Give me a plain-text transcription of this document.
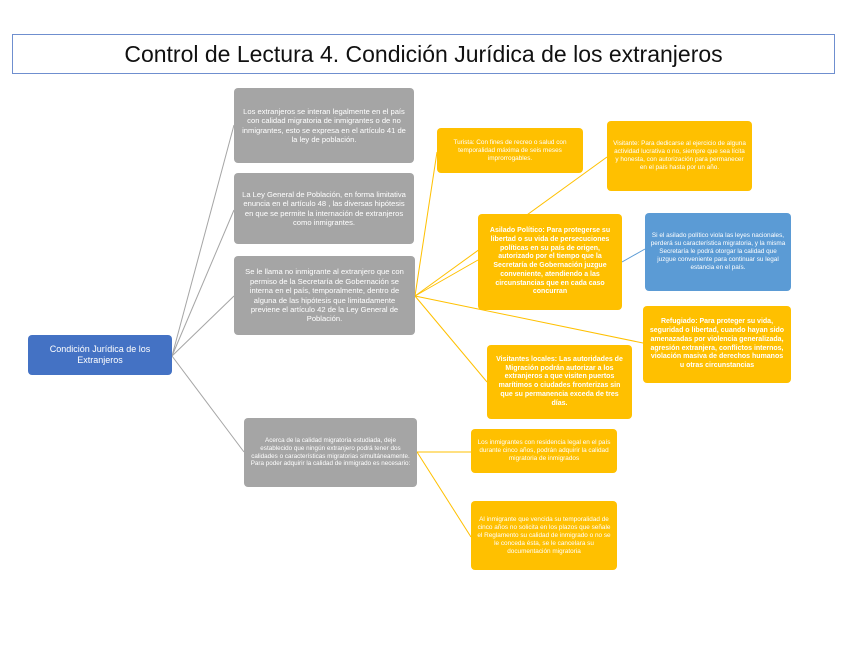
Control de Lectura 4. Condición Jurídica de los extranjeros
Condición Jurídica de los Extranjeros
Los extranjeros se interan legalmente en el país con calidad migratoria de inmigrantes o de no inmigrantes, esto se expresa en el artículo 41 de la ley de población.
La Ley General de Población, en forma limitativa enuncia en el artículo 48 , las diversas hipótesis en que se permite la internación de extranjeros como inmigrantes.
Se le llama no inmigrante al extranjero que con permiso de la Secretaría de Gobernación se interna en el país, temporalmente, dentro de alguna de las hipótesis que limitadamente previene el artículo 42 de la Ley General de Población.
Acerca de la calidad migratoria estudiada, deje establecido que ningún extranjero podrá tener dos calidades o características migratorias simultáneamente. Para poder adquirir la calidad de inmigrado es necesario:
Turista: Con fines de recreo o salud con temporalidad máxima de seis meses improrrogables.
Asilado Político: Para protegerse su libertad o su vida de persecuciones políticas en su país de origen, autorizado por el tiempo que la Secretaría de Gobernación juzgue conveniente, atendiendo a las circunstancias que en cada caso concurran
Visitantes locales: Las autoridades de Migración podrán autorizar a los extranjeros a que visiten puertos marítimos o ciudades fronterizas sin que su permanencia exceda de tres días.
Los inmigrantes con residencia legal en el país durante cinco años, podrán adquirir la calidad migratoria de inmigrados
Al inmigrante que vencida su temporalidad de cinco años no solicita en los plazos que señale el Reglamento su calidad de inmigrado o no se le conceda ésta, se le cancelara su documentación migratoria
Visitante: Para dedicarse al ejercicio de alguna actividad lucrativa o no, siempre que sea lícita y honesta, con autorización para permanecer en el país hasta por un año.
Si el asilado político viola las leyes nacionales, perderá su característica migratoria, y la misma Secretaría le podrá otorgar la calidad que juzgue conveniente para continuar su legal estancia en el país.
Refugiado: Para proteger su vida, seguridad o libertad, cuando hayan sido amenazadas por violencia generalizada, agresión extranjera, conflictos internos, violación masiva de derechos humanos u otras circunstancias
